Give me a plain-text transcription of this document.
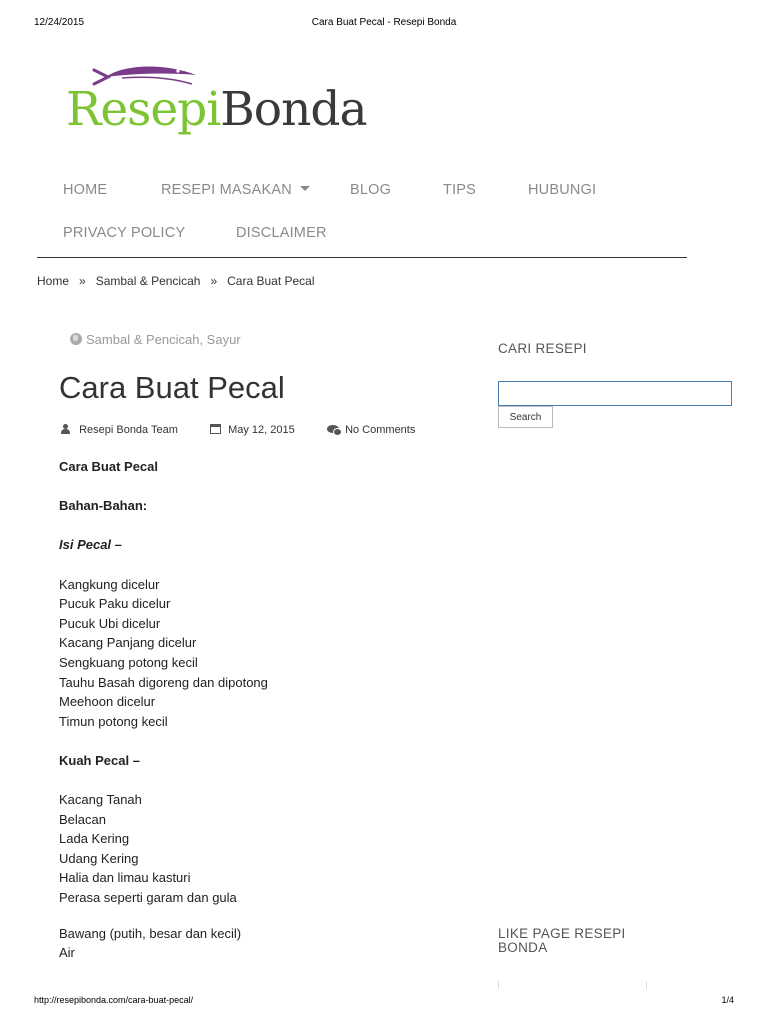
12/24/2015	Cara Buat Pecal - Resepi Bonda
ResepiBonda
HOME	RESEPI MASAKAN	BLOG	TIPS	HUBUNGI
PRIVACY POLICY	DISCLAIMER
Home » Sambal & Pencicah » Cara Buat Pecal
Sambal & Pencicah, Sayur
Cara Buat Pecal
Resepi Bonda Team	May 12, 2015	No Comments
Cara Buat Pecal
Bahan-Bahan:
Isi Pecal –
Kangkung dicelur
Pucuk Paku dicelur
Pucuk Ubi dicelur
Kacang Panjang dicelur
Sengkuang potong kecil
Tauhu Basah digoreng dan dipotong
Meehoon dicelur
Timun potong kecil
Kuah Pecal –
Kacang Tanah
Belacan
Lada Kering
Udang Kering
Halia dan limau kasturi
Perasa seperti garam dan gula
Bawang (putih, besar dan kecil)
Air
CARI RESEPI
Search
LIKE PAGE RESEPI
BONDA
http://resepibonda.com/cara-buat-pecal/	1/4
